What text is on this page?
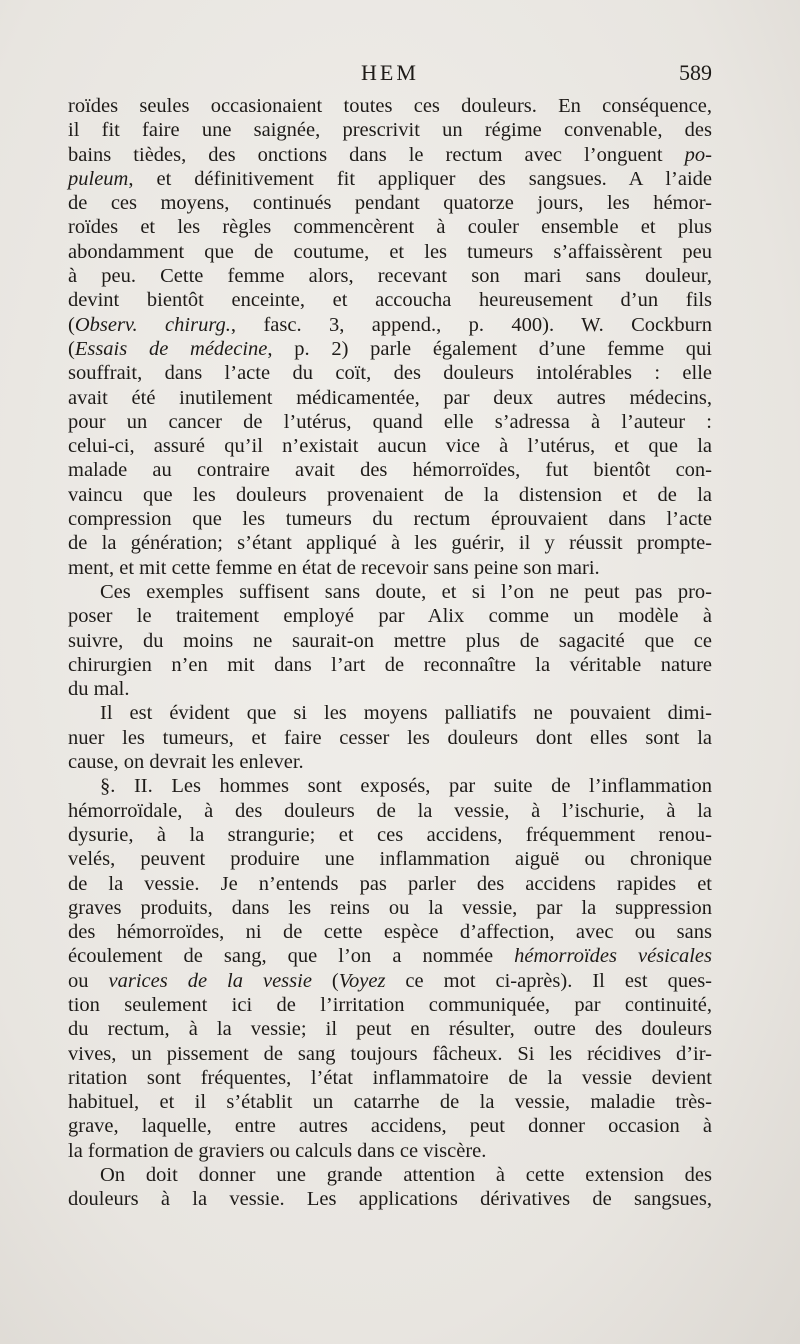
HEM	589
roïdes seules occasionaient toutes ces douleurs. En conséquence,
il fit faire une saignée, prescrivit un régime convenable, des
bains tièdes, des onctions dans le rectum avec l’onguent po-
puleum, et définitivement fit appliquer des sangsues. A l’aide
de ces moyens, continués pendant quatorze jours, les hémor-
roïdes et les règles commencèrent à couler ensemble et plus
abondamment que de coutume, et les tumeurs s’affaissèrent peu
à peu. Cette femme alors, recevant son mari sans douleur,
devint bientôt enceinte, et accoucha heureusement d’un fils
(Observ. chirurg., fasc. 3, append., p. 400). W. Cockburn
(Essais de médecine, p. 2) parle également d’une femme qui
souffrait, dans l’acte du coït, des douleurs intolérables : elle
avait été inutilement médicamentée, par deux autres médecins,
pour un cancer de l’utérus, quand elle s’adressa à l’auteur :
celui-ci, assuré qu’il n’existait aucun vice à l’utérus, et que la
malade au contraire avait des hémorroïdes, fut bientôt con-
vaincu que les douleurs provenaient de la distension et de la
compression que les tumeurs du rectum éprouvaient dans l’acte
de la génération; s’étant appliqué à les guérir, il y réussit prompte-
ment, et mit cette femme en état de recevoir sans peine son mari.
Ces exemples suffisent sans doute, et si l’on ne peut pas pro-
poser le traitement employé par Alix comme un modèle à
suivre, du moins ne saurait-on mettre plus de sagacité que ce
chirurgien n’en mit dans l’art de reconnaître la véritable nature
du mal.
Il est évident que si les moyens palliatifs ne pouvaient dimi-
nuer les tumeurs, et faire cesser les douleurs dont elles sont la
cause, on devrait les enlever.
§. II. Les hommes sont exposés, par suite de l’inflammation
hémorroïdale, à des douleurs de la vessie, à l’ischurie, à la
dysurie, à la strangurie; et ces accidens, fréquemment renou-
velés, peuvent produire une inflammation aiguë ou chronique
de la vessie. Je n’entends pas parler des accidens rapides et
graves produits, dans les reins ou la vessie, par la suppression
des hémorroïdes, ni de cette espèce d’affection, avec ou sans
écoulement de sang, que l’on a nommée hémorroïdes vésicales
ou varices de la vessie (Voyez ce mot ci-après). Il est ques-
tion seulement ici de l’irritation communiquée, par continuité,
du rectum, à la vessie; il peut en résulter, outre des douleurs
vives, un pissement de sang toujours fâcheux. Si les récidives d’ir-
ritation sont fréquentes, l’état inflammatoire de la vessie devient
habituel, et il s’établit un catarrhe de la vessie, maladie très-
grave, laquelle, entre autres accidens, peut donner occasion à
la formation de graviers ou calculs dans ce viscère.
On doit donner une grande attention à cette extension des
douleurs à la vessie. Les applications dérivatives de sangsues,
